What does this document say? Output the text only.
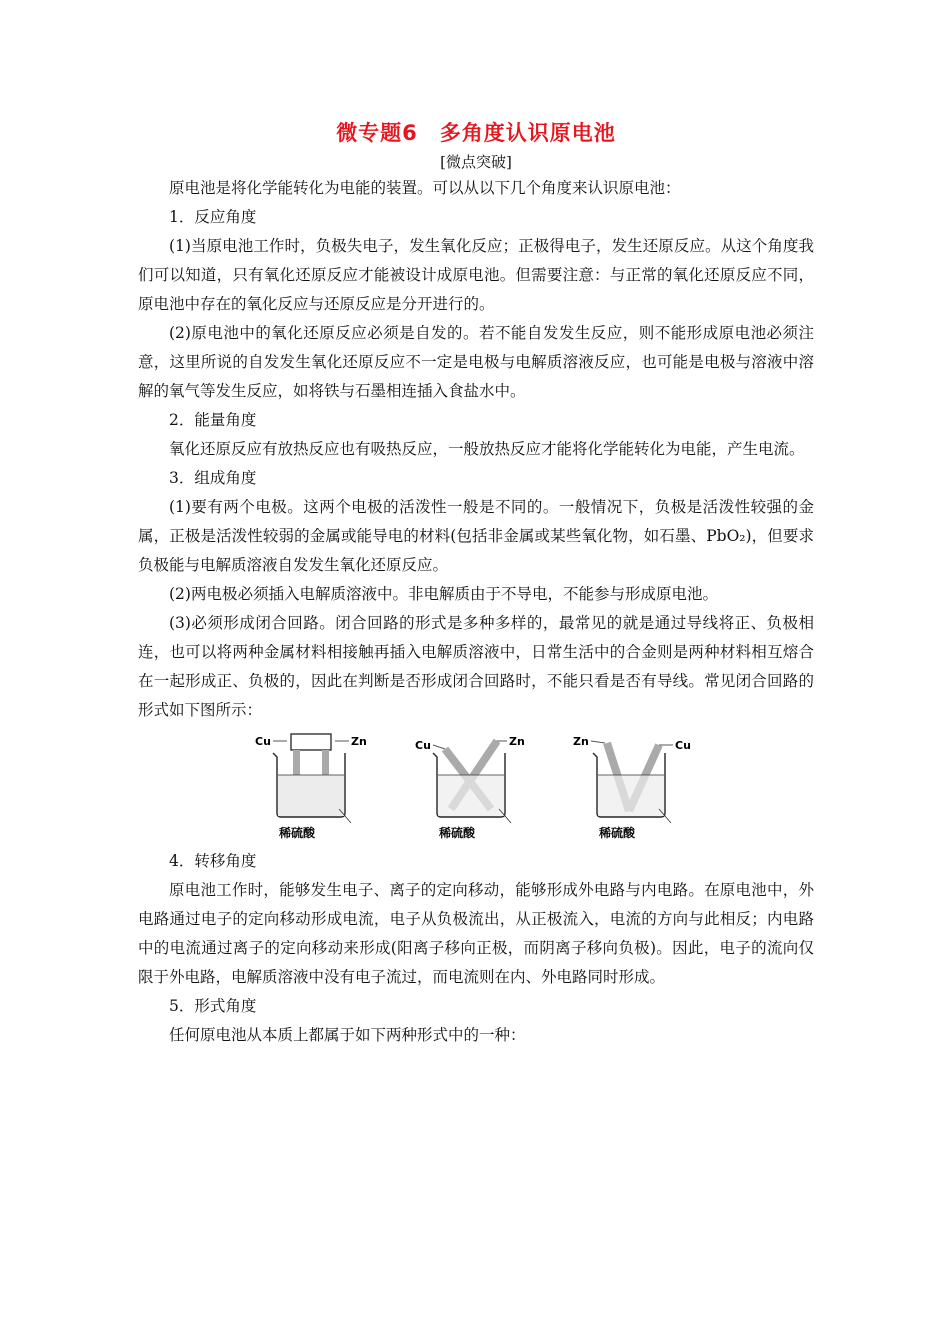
微专题6　多角度认识原电池
[微点突破]

原电池是将化学能转化为电能的装置。可以从以下几个角度来认识原电池：

1．反应角度

(1)当原电池工作时，负极失电子，发生氧化反应；正极得电子，发生还原反应。从这个角度我们可以知道，只有氧化还原反应才能被设计成原电池。但需要注意：与正常的氧化还原反应不同，原电池中存在的氧化反应与还原反应是分开进行的。

(2)原电池中的氧化还原反应必须是自发的。若不能自发发生反应，则不能形成原电池必须注意，这里所说的自发发生氧化还原反应不一定是电极与电解质溶液反应，也可能是电极与溶液中溶解的氧气等发生反应，如将铁与石墨相连插入食盐水中。

2．能量角度

氧化还原反应有放热反应也有吸热反应，一般放热反应才能将化学能转化为电能，产生电流。

3．组成角度

(1)要有两个电极。这两个电极的活泼性一般是不同的。一般情况下，负极是活泼性较强的金属，正极是活泼性较弱的金属或能导电的材料(包括非金属或某些氧化物，如石墨、PbO₂)，但要求负极能与电解质溶液自发发生氧化还原反应。

(2)两电极必须插入电解质溶液中。非电解质由于不导电，不能参与形成原电池。

(3)必须形成闭合回路。闭合回路的形式是多种多样的，最常见的就是通过导线将正、负极相连，也可以将两种金属材料相接触再插入电解质溶液中，日常生活中的合金则是两种材料相互熔合在一起形成正、负极的，因此在判断是否形成闭合回路时，不能只看是否有导线。常见闭合回路的形式如下图所示：

Cu	Zn
稀硫酸
Cu	Zn
稀硫酸
Zn	Cu
稀硫酸

4．转移角度

原电池工作时，能够发生电子、离子的定向移动，能够形成外电路与内电路。在原电池中，外电路通过电子的定向移动形成电流，电子从负极流出，从正极流入，电流的方向与此相反；内电路中的电流通过离子的定向移动来形成(阳离子移向正极，而阴离子移向负极)。因此，电子的流向仅限于外电路，电解质溶液中没有电子流过，而电流则在内、外电路同时形成。

5．形式角度

任何原电池从本质上都属于如下两种形式中的一种：
